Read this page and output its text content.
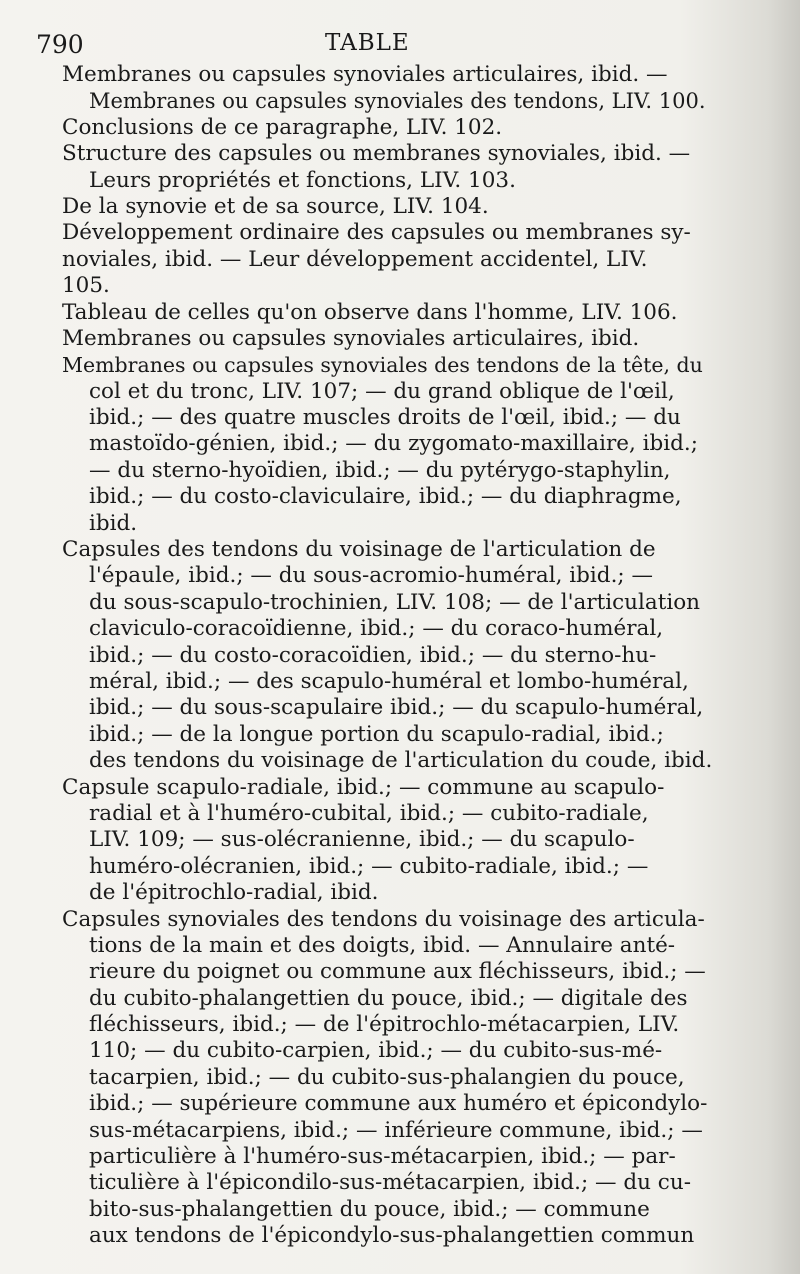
790	TABLE
Membranes ou capsules synoviales articulaires, ibid. —
Membranes ou capsules synoviales des tendons, LIV. 100.
Conclusions de ce paragraphe, LIV. 102.
Structure des capsules ou membranes synoviales, ibid. —
Leurs propriétés et fonctions, LIV. 103.
De la synovie et de sa source, LIV. 104.
Développement ordinaire des capsules ou membranes sy-
noviales, ibid. — Leur développement accidentel, LIV.
105.
Tableau de celles qu'on observe dans l'homme, LIV. 106.
Membranes ou capsules synoviales articulaires, ibid.
Membranes ou capsules synoviales des tendons de la tête, du
col et du tronc, LIV. 107; — du grand oblique de l'œil,
ibid.; — des quatre muscles droits de l'œil, ibid.; — du
mastoïdo-génien, ibid.; — du zygomato-maxillaire, ibid.;
— du sterno-hyoïdien, ibid.; — du pytérygo-staphylin,
ibid.; — du costo-claviculaire, ibid.; — du diaphragme,
ibid.
Capsules des tendons du voisinage de l'articulation de
l'épaule, ibid.; — du sous-acromio-huméral, ibid.; —
du sous-scapulo-trochinien, LIV. 108; — de l'articulation
claviculo-coracoïdienne, ibid.; — du coraco-huméral,
ibid.; — du costo-coracoïdien, ibid.; — du sterno-hu-
méral, ibid.; — des scapulo-huméral et lombo-huméral,
ibid.; — du sous-scapulaire ibid.; — du scapulo-huméral,
ibid.; — de la longue portion du scapulo-radial, ibid.;
des tendons du voisinage de l'articulation du coude, ibid.
Capsule scapulo-radiale, ibid.; — commune au scapulo-
radial et à l'huméro-cubital, ibid.; — cubito-radiale,
LIV. 109; — sus-olécranienne, ibid.; — du scapulo-
huméro-olécranien, ibid.; — cubito-radiale, ibid.; —
de l'épitrochlo-radial, ibid.
Capsules synoviales des tendons du voisinage des articula-
tions de la main et des doigts, ibid. — Annulaire anté-
rieure du poignet ou commune aux fléchisseurs, ibid.; —
du cubito-phalangettien du pouce, ibid.; — digitale des
fléchisseurs, ibid.; — de l'épitrochlo-métacarpien, LIV.
110; — du cubito-carpien, ibid.; — du cubito-sus-mé-
tacarpien, ibid.; — du cubito-sus-phalangien du pouce,
ibid.; — supérieure commune aux huméro et épicondylo-
sus-métacarpiens, ibid.; — inférieure commune, ibid.; —
particulière à l'huméro-sus-métacarpien, ibid.; — par-
ticulière à l'épicondilo-sus-métacarpien, ibid.; — du cu-
bito-sus-phalangettien du pouce, ibid.; — commune
aux tendons de l'épicondylo-sus-phalangettien commun
